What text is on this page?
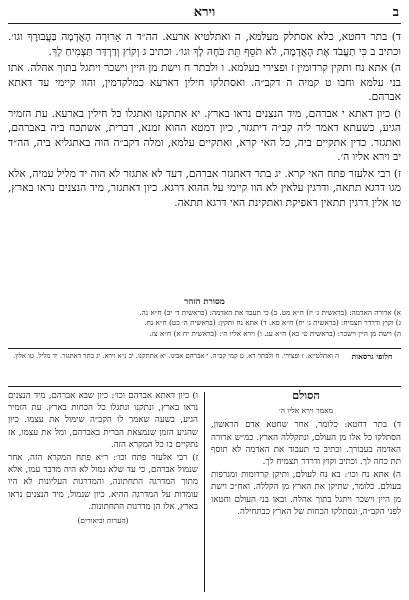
וירא	ב

ד) בתר דחטא, כלא אסתלק מעלמא, ה ואתלטיא ארעא. הה״ד ה אָרוּרָה הָאֲדָמָה בַּעֲבוּרֶךָ וגו׳. וכתיב ב כִּי תַעֲבֹד אֶת הָאֲדָמָה, לֹא תֹסֵף תֵּת כֹּחָהּ לָךְ וגו׳. וכתיב ג וְקוֹץ וְדַרְדַּר תַּצְמִיחַ לָךְ.

ה) אתא נח ותקין קרדומין ז ופצירי בעלמא. ו ולבתר ח וישת מן היין וישכר ויתגל בתוך אהלה. אתו בני עלמא וחבו ט קמיה ה דקב״ה. ואסתלקו חילין דארעא כמלקדמין, והוו קיימי עד דאתא אברהם.

ו) כיון דאתא י אברהם, מיד הנצנים נראו בארץ. יא אתתקנו ואתגלו כל חילין בארעא. עת הזמיר הגיע, כשעתא דאמר ליה קב״ה דיתגזר, כיון דמטא ההוא זמנא, דברית, אשתכח ביה באברהם, ואתגזר. כדין אתקיים ביה, כל האי קרא, ואתקיים עלמא, ומלה דקב״ה הוה באתגליא ביה, הה״ד יב וירא אליו ה׳.

ז) רבי אלעזר פתח האי קרא. יג בתר דאתגזר אברהם, דעד לא אתגזר לא הוה יד מליל עמיה, אלא מגו דרגא תתאה, ודרגין עלאין לא הוו קיימי על ההוא דרגא. כיון דאתגזר, מיד הנצנים נראו בארץ, טו אלין דרגין תתאין דאפיקת ואתקינת האי דרגא תתאה.

מסורת הזהר

א) ארורה האדמה: (בראשית ג׳ יז) ח״א מט. ב) כי תעבד את האדמה: (בראשית ד׳ יב) ח״א נה.

ג) וקוץ ודרדר תצמיח: (בראשית ג׳ יח) ח״א סא. ד) אתא נח ותקין: (בראשית ה׳ כט) ח״א נח.

ה) וישת מן היין וישכר: (בראשית ט׳ כא) ח״א עג. ו) וירא אליו ה׳: (בראשית יח א) ח״א צז.

חלופי גרסאות
ה ואתלטייא. ז ופצירי. ח ולבתר דא. ט קמי קב״ה. י אברהם אבינו. יא אתתקנו. יב נ״א וירא. יג בתר דאתגזר. יד מליל. טו אלין.
הסולם
מאמר וירא אליו ה׳

ד) בתר דחטא: כלומר, אחר שחטא אדם הראשון, הסתלקו כל אלו מן העולם, ונתקללה הארץ. כמ״ש ארורה האדמה בעבורך. וכתיב כי תעבוד את האדמה לא תוסף תת כחה לך. וכתיב וקוץ ודרדר תצמיח לך.

ה) אתא נח וכו׳: בא נח לעולם, ותיקן קרדומות ומגרפות בעולם. כלומר, שתיקן את הארץ מן הקללה. ואח״כ וישת מן היין וישכר ויתגל בתוך אהלה. ובאו בני העולם וחטאו לפני הקב״ה, ונסתלקו הכחות של הארץ כבתחילה.

ו) כיון דאתא אברהם וכו׳: כיון שבא אברהם, מיד הנצנים נראו בארץ, ונתקנו ונתגלו כל הכחות בארץ. עת הזמיר הגיע, בשעה שאמר לו הקב״ה שימול את עצמו. כיון שהגיע הזמן שנמצאת הברית באברהם, ומל את עצמו, אז נתקיים בו כל המקרא הזה.

ז) רבי אלעזר פתח וכו׳: ר״א פתח המקרא הזה, אחר שנמול אברהם, כי עד שלא נמול לא היה מדבר עמו, אלא מתוך המדרגה התחתונה, והמדרגות העליונות לא היו עומדות על המדרגה ההיא. כיון שנמול, מיד הנצנים נראו בארץ, אלו הן מדרגות התחתונות.

(הערות וביאורים)
